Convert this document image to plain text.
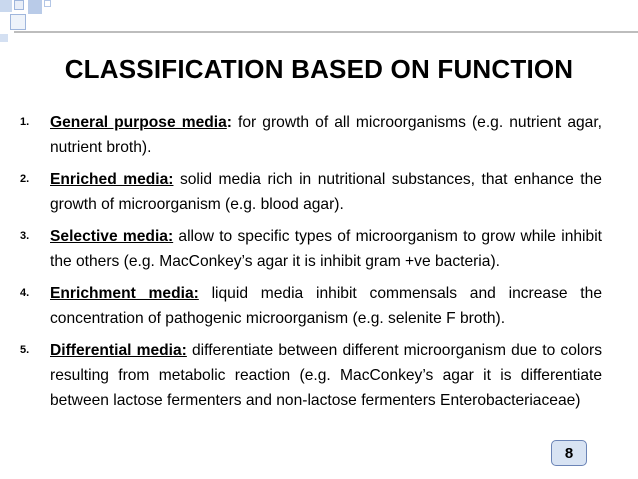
CLASSIFICATION BASED ON FUNCTION
1. General purpose media: for growth of all microorganisms (e.g. nutrient agar, nutrient broth).
2. Enriched media: solid media rich in nutritional substances, that enhance the growth of microorganism (e.g. blood agar).
3. Selective media: allow to specific types of microorganism to grow while inhibit the others (e.g. MacConkey’s agar it is inhibit gram +ve bacteria).
4. Enrichment media: liquid media inhibit commensals and increase the concentration of pathogenic microorganism (e.g. selenite F broth).
5. Differential media: differentiate between different microorganism due to colors resulting from metabolic reaction (e.g. MacConkey’s agar it is differentiate between lactose fermenters and non-lactose fermenters Enterobacteriaceae)
8
